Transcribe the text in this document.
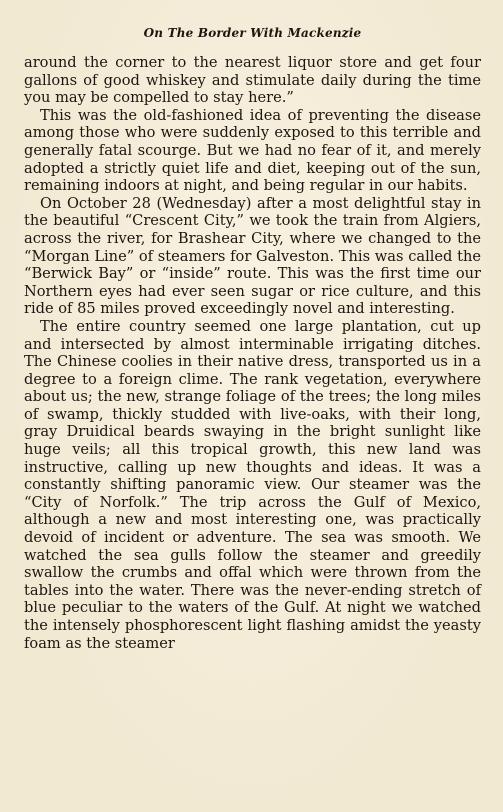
On The Border With Mackenzie

around the corner to the nearest liquor store and get four gallons of good whiskey and stimulate daily during the time you may be compelled to stay here.”

This was the old-fashioned idea of preventing the disease among those who were suddenly exposed to this terrible and generally fatal scourge. But we had no fear of it, and merely adopted a strictly quiet life and diet, keeping out of the sun, remaining indoors at night, and being regular in our habits.

On October 28 (Wednesday) after a most delightful stay in the beautiful “Crescent City,” we took the train from Algiers, across the river, for Brashear City, where we changed to the “Morgan Line” of steamers for Galveston. This was called the “Berwick Bay” or “inside” route. This was the first time our Northern eyes had ever seen sugar or rice culture, and this ride of 85 miles proved exceedingly novel and interesting.

The entire country seemed one large plantation, cut up and intersected by almost interminable irrigating ditches. The Chinese coolies in their native dress, transported us in a degree to a foreign clime. The rank vegetation, everywhere about us; the new, strange foliage of the trees; the long miles of swamp, thickly studded with live-oaks, with their long, gray Druidical beards swaying in the bright sunlight like huge veils; all this tropical growth, this new land was instructive, calling up new thoughts and ideas. It was a constantly shifting panoramic view. Our steamer was the “City of Norfolk.” The trip across the Gulf of Mexico, although a new and most interesting one, was practically devoid of incident or adventure. The sea was smooth. We watched the sea gulls follow the steamer and greedily swallow the crumbs and offal which were thrown from the tables into the water. There was the never-ending stretch of blue peculiar to the waters of the Gulf. At night we watched the intensely phosphorescent light flashing amidst the yeasty foam as the steamer
